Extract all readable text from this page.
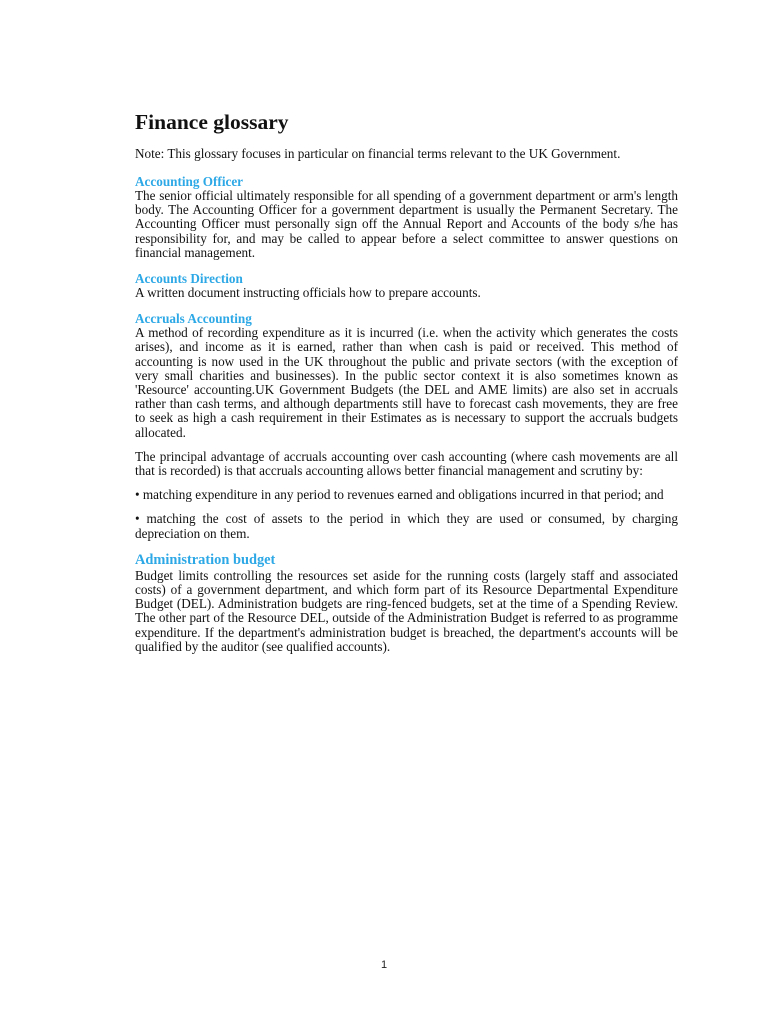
Finance glossary

Note: This glossary focuses in particular on financial terms relevant to the UK Government.

Accounting Officer

The senior official ultimately responsible for all spending of a government department or arm's length body. The Accounting Officer for a government department is usually the Permanent Secretary. The Accounting Officer must personally sign off the Annual Report and Accounts of the body s/he has responsibility for, and may be called to appear before a select committee to answer questions on financial management.

Accounts Direction

A written document instructing officials how to prepare accounts.

Accruals Accounting

A method of recording expenditure as it is incurred (i.e. when the activity which generates the costs arises), and income as it is earned, rather than when cash is paid or received. This method of accounting is now used in the UK throughout the public and private sectors (with the exception of very small charities and businesses). In the public sector context it is also sometimes known as 'Resource' accounting.UK Government Budgets (the DEL and AME limits) are also set in accruals rather than cash terms, and although departments still have to forecast cash movements, they are free to seek as high a cash requirement in their Estimates as is necessary to support the accruals budgets allocated.

The principal advantage of accruals accounting over cash accounting (where cash movements are all that is recorded) is that accruals accounting allows better financial management and scrutiny by:

• matching expenditure in any period to revenues earned and obligations incurred in that period; and

• matching the cost of assets to the period in which they are used or consumed, by charging depreciation on them.

Administration budget

Budget limits controlling the resources set aside for the running costs (largely staff and associated costs) of a government department, and which form part of its Resource Departmental Expenditure Budget (DEL). Administration budgets are ring-fenced budgets, set at the time of a Spending Review. The other part of the Resource DEL, outside of the Administration Budget is referred to as programme expenditure. If the department's administration budget is breached, the department's accounts will be qualified by the auditor (see qualified accounts).

1
